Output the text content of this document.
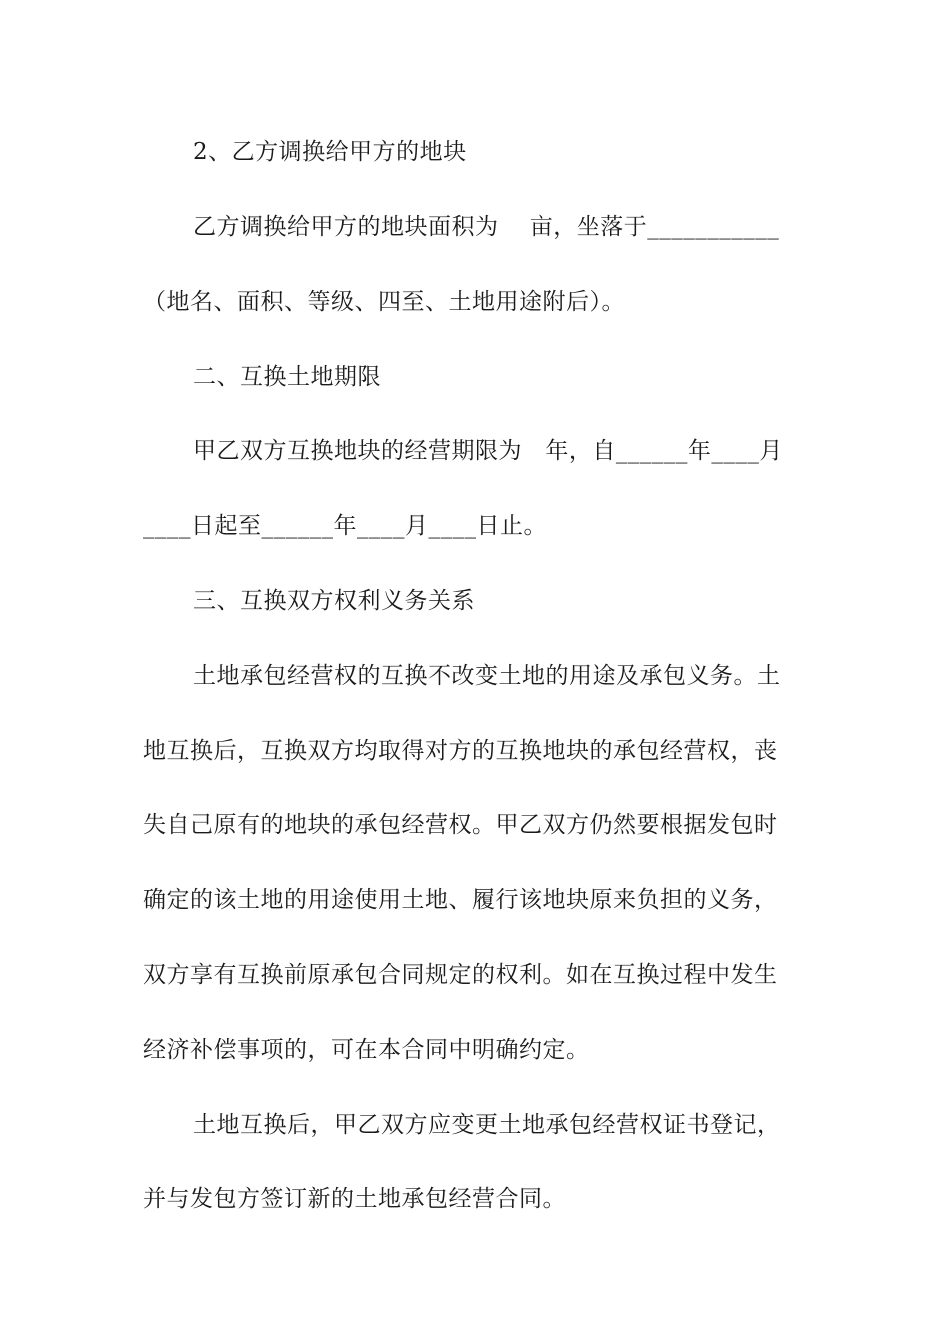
2、乙方调换给甲方的地块
乙方调换给甲方的地块面积为    亩，坐落于___________
（地名、面积、等级、四至、土地用途附后）。
二、互换土地期限
甲乙双方互换地块的经营期限为   年，自______年____月
____日起至______年____月____日止。
三、互换双方权利义务关系
土地承包经营权的互换不改变土地的用途及承包义务。土
地互换后，互换双方均取得对方的互换地块的承包经营权，丧
失自己原有的地块的承包经营权。甲乙双方仍然要根据发包时
确定的该土地的用途使用土地、履行该地块原来负担的义务，
双方享有互换前原承包合同规定的权利。如在互换过程中发生
经济补偿事项的，可在本合同中明确约定。
土地互换后，甲乙双方应变更土地承包经营权证书登记，
并与发包方签订新的土地承包经营合同。
